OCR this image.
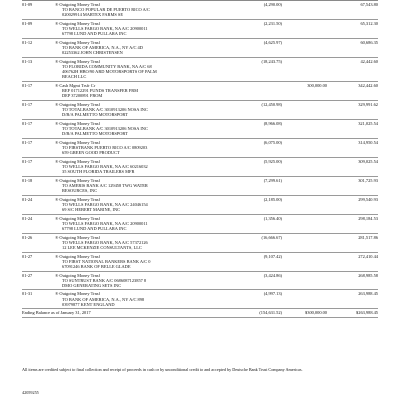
01-09	® Outgoing Money Trnsf
TO BANCO POPULAR DE PUERTO RICO A/C
020029914 MARTEX FARMS SE
(4,290.00)	67,543.80
01-09	® Outgoing Money Trnsf
TO WELLS FARGO BANK, NA A/C 20900011
67798 LUND AND PULLARA INC
(2,231.50)	65,312.30
01-12	® Outgoing Money Trnsf
TO BANK OF AMERICA, N.A., NY A/C 4D
02253362 JOHN CHRISTENSEN
(4,625.97)	60,686.35
01-13	® Outgoing Money Trnsf
TO FLORIDA COMMUNITY BANK, NA A/C 68
406762H HBO/90 ARD MOTORSPORTS OF PALM
BEACH LLC
(18,243.75)	42,442.60
01-17	® Cash Mgmt Trsfr Cr
REF 01712291 FUNDS TRANSFER FRM
DEP 37200891 FROM
300,000.00	342,442.60
01-17	® Outgoing Money Trnsf
TO TOTALBANK A/C 3010913206 NOSA INC
D/B/A PALMETTO MOTORSPORT
(12,450.98)	329,991.62
01-17	® Outgoing Money Trnsf
TO TOTALBANK A/C 3010913206 NOSA INC
D/B/A PALMETTO MOTORSPORT
(8,966.08)	321,025.54
01-17	® Outgoing Money Trnsf
TO FIRSTBANK PUERTO RICO A/C 0809203
659 GREEN GOOD PRODUCT
(6,075.00)	314,950.54
01-17	® Outgoing Money Trnsf
TO WELLS FARGO BANK, NA A/C 60216032
35 SOUTH FLORIDA TRAILERS MFR
(5,925.00)	309,025.54
01-18	® Outgoing Money Trnsf
TO AMERIS BANK A/C 129458 TWG WATER
RESOURCES, INC
(7,299.61)	301,725.93
01-24	® Outgoing Money Trnsf
TO WELLS FARGO BANK, NA A/C 24046154
69 S/C HEBERT MARINE, INC
(2,185.00)	299,540.93
01-24	® Outgoing Money Trnsf
TO WELLS FARGO BANK, NA A/C 20900011
67798 LUND AND PULLARA INC
(1,356.40)	298,184.53
01-26	® Outgoing Money Trnsf
TO WELLS FARGO BANK, NA A/C 57372126
12 LEE MCKENZIE CONSULTANTS, LLC
(16,666.67)	281,517.86
01-27	® Outgoing Money Trnsf
TO FIRST NATIONAL BANKERS BANK A/C 0
67091246 BANK OF BELLE GLADE
(9,107.42)	272,410.44
01-27	® Outgoing Money Trnsf
TO SUNTRUST BANK A/C 0686087123857 8
DMO GENERATING SETS INC
(3,424.86)	268,985.58
01-31	® Outgoing Money Trnsf
TO BANK OF AMERICA, N.A., NY A/C 898
03979877 KENT ENGLAND
(4,997.13)	263,988.45
Ending Balance as of January 31, 2017	(154,631.52)	$300,000.00	$263,988.45
All items are credited subject to final collection and receipt of proceeds in cash or by unconditional credit to and accepted by Deutsche Bank Trust Company Americas.
42059255
